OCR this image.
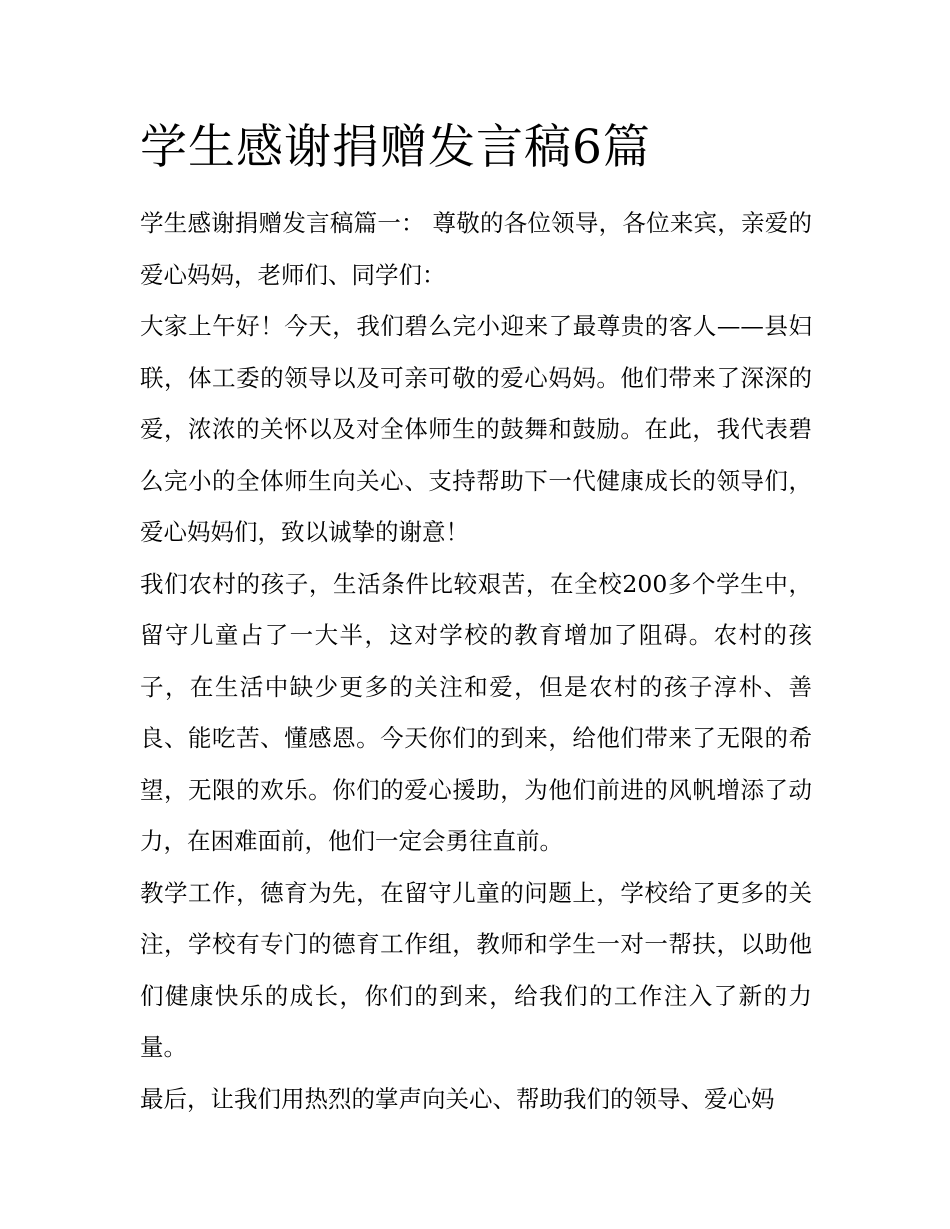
学生感谢捐赠发言稿6篇

学生感谢捐赠发言稿篇一： 尊敬的各位领导，各位来宾，亲爱的爱心妈妈，老师们、同学们：

大家上午好！今天，我们碧么完小迎来了最尊贵的客人——县妇联，体工委的领导以及可亲可敬的爱心妈妈。他们带来了深深的爱，浓浓的关怀以及对全体师生的鼓舞和鼓励。在此，我代表碧么完小的全体师生向关心、支持帮助下一代健康成长的领导们，爱心妈妈们，致以诚挚的谢意！

我们农村的孩子，生活条件比较艰苦，在全校200多个学生中，留守儿童占了一大半，这对学校的教育增加了阻碍。农村的孩子，在生活中缺少更多的关注和爱，但是农村的孩子淳朴、善良、能吃苦、懂感恩。今天你们的到来，给他们带来了无限的希望，无限的欢乐。你们的爱心援助，为他们前进的风帆增添了动力，在困难面前，他们一定会勇往直前。

教学工作，德育为先，在留守儿童的问题上，学校给了更多的关注，学校有专门的德育工作组，教师和学生一对一帮扶，以助他们健康快乐的成长，你们的到来，给我们的工作注入了新的力量。

最后，让我们用热烈的掌声向关心、帮助我们的领导、爱心妈
